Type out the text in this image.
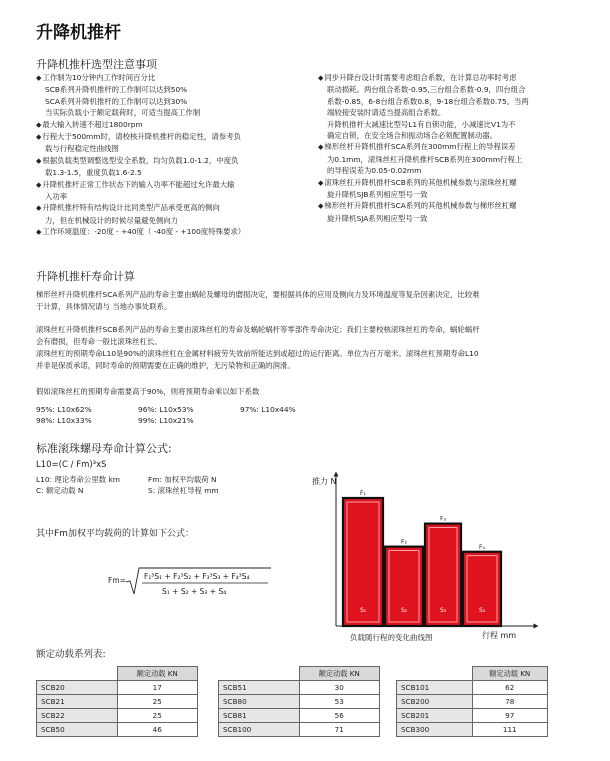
升降机推杆
升降机推杆选型注意事项
◆ 工作制为10分钟内工作时间百分比
SCB系列升降机推杆的工作制可以达到50%
SCA系列升降机推杆的工作制可以达到30%
当实际负载小于额定载荷时，可适当提高工作制
◆ 最大输入转速不超过1800rpm
◆ 行程大于500mm时，请校核升降机推杆的稳定性，请参考负
载与行程稳定性曲线图
◆ 根据负载类型调整选型安全系数，均匀负载1.0-1.2，中度负
载1.3-1.5，重度负载1.6-2.5
◆ 升降机推杆正常工作状态下的输入功率不能超过允许最大输
入功率
◆ 升降机推杆特有结构设计比同类型产品承受更高的侧向
力，但在机械设计的时候尽量避免侧向力
◆ 工作环境温度：-20度 - +40度（ -40度 - +100度特殊要求）
◆ 同步升降台设计时需要考虑组合系数，在计算总功率时考虑
联动损耗。两台组合系数-0.95,三台组合系数-0.9，四台组合
系数-0.85，6-8台组合系数0.8，9-18台组合系数0.75。当两
端较接安装时请适当提高组合系数。
升降机推杆大减速比型号L1有自锁功能，小减速比V1为不
确定自锁，在安全场合和振动场合必须配置制动器。
◆ 梯形丝杆升降机推杆SCA系列在300mm行程上的导程误差
为0.1mm，滚珠丝杠升降机推杆SCB系列在300mm行程上
的导程误差为0.05-0.02mm
◆ 滚珠丝杠升降机推杆SCB系列的其他机械参数与滚珠丝杠螺
旋升降机SJB系列相应型号一致
◆ 梯形丝杆升降机推杆SCA系列的其他机械参数与梯形丝杠螺
旋升降机SJA系列相应型号一致
升降机推杆寿命计算
梯形丝杆升降机推杆SCA系列产品的寿命主要由蜗轮及螺母的磨损决定，要根据具体的应用及侧向力及环境温度等复杂因素决定，比较难
于计算，具体情况请与 当地办事处联系。
滚珠丝杠升降机推杆SCB系列产品的寿命主要由滚珠丝杠的寿命及蜗轮蜗杆等零部件寿命决定；我们主要校核滚珠丝杠的寿命，蜗轮蜗杆
会有磨损，但寿命一般比滚珠丝杠长。
滚珠丝杠的预期寿命L10是90%的滚珠丝杠在金属材料疲劳失效前所能达到或超过的运行距离。单位为百万毫米。滚珠丝杠预期寿命L10
并非是保质承诺，同时寿命的预期需要在正确的维护，无污染物和正确的润滑。
假如滚珠丝杠的预期寿命需要高于90%，则将预期寿命乘以如下系数
95%: L10x62%	96%: L10x53%	97%: L10x44%
98%: L10x33%	99%: L10x21%
标准滚珠螺母寿命计算公式:
L10=(C / Fm)³xS
L10: 理论寿命公里数 km	Fm: 加权平均载荷 N
C: 额定动载 N	S: 滚珠丝杠导程 mm
其中Fm加权平均载荷的计算如下公式：
Fm= F₁³S₁ + F₂³S₂ + F₃³S₃ + F₄³S₄
S₁ + S₂ + S₃ + S₄
F₁
S₁
F₂
S₂
F₃
S₃
F₄
S₄
推力 N
行程 mm
负载随行程的变化曲线图
额定动载系列表:
	额定动载 KN
SCB20	17
SCB21	25
SCB22	25
SCB50	46
	额定动载 KN
SCB51	30
SCB80	53
SCB81	56
SCB100	71
	额定动载 KN
SCB101	62
SCB200	78
SCB201	97
SCB300	111
